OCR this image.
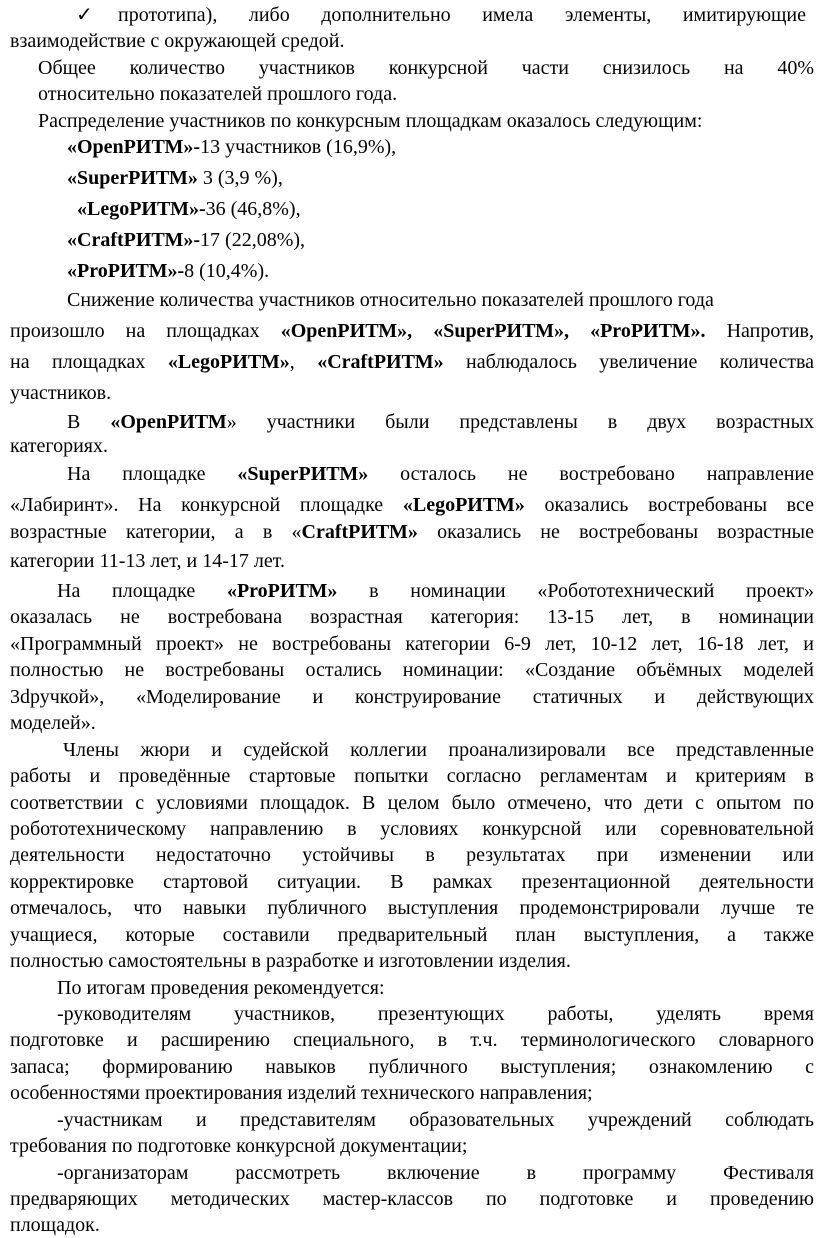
✓ прототипа), либо дополнительно имела элементы, имитирующие
взаимодействие с окружающей средой.
Общее количество участников конкурсной части снизилось на 40%
относительно показателей прошлого года.
Распределение участников по конкурсным площадкам оказалось следующим:
«OpenРИТМ»-13 участников (16,9%),
«SuperРИТМ» 3 (3,9 %),
«LegoРИТМ»-36 (46,8%),
«CraftРИТМ»-17 (22,08%),
«ProРИТМ»-8 (10,4%).
Снижение количества участников относительно показателей прошлого года
произошло на площадках «OpenРИТМ», «SuperРИТМ», «ProРИТМ». Напротив,
на площадках «LegoРИТМ», «CraftРИТМ» наблюдалось увеличение количества
участников.
В «OpenРИТМ» участники были представлены в двух возрастных
категориях.
На площадке «SuperРИТМ» осталось не востребовано направление
«Лабиринт». На конкурсной площадке «LegoРИТМ» оказались востребованы все
возрастные категории, а в «CraftРИТМ» оказались не востребованы возрастные
категории 11-13 лет, и 14-17 лет.
На площадке «ProРИТМ» в номинации «Робототехнический проект»
оказалась не востребована возрастная категория: 13-15 лет, в номинации
«Программный проект» не востребованы категории 6-9 лет, 10-12 лет, 16-18 лет, и
полностью не востребованы остались номинации: «Создание объёмных моделей
3dручкой», «Моделирование и конструирование статичных и действующих
моделей».
Члены жюри и судейской коллегии проанализировали все представленные
работы и проведённые стартовые попытки согласно регламентам и критериям в
соответствии с условиями площадок. В целом было отмечено, что дети с опытом по
робототехническому направлению в условиях конкурсной или соревновательной
деятельности недостаточно устойчивы в результатах при изменении или
корректировке стартовой ситуации. В рамках презентационной деятельности
отмечалось, что навыки публичного выступления продемонстрировали лучше те
учащиеся, которые составили предварительный план выступления, а также
полностью самостоятельны в разработке и изготовлении изделия.
По итогам проведения рекомендуется:
-руководителям участников, презентующих работы, уделять время
подготовке и расширению специального, в т.ч. терминологического словарного
запаса; формированию навыков публичного выступления; ознакомлению с
особенностями проектирования изделий технического направления;
-участникам и представителям образовательных учреждений соблюдать
требования по подготовке конкурсной документации;
-организаторам рассмотреть включение в программу Фестиваля
предваряющих методических мастер-классов по подготовке и проведению
площадок.
